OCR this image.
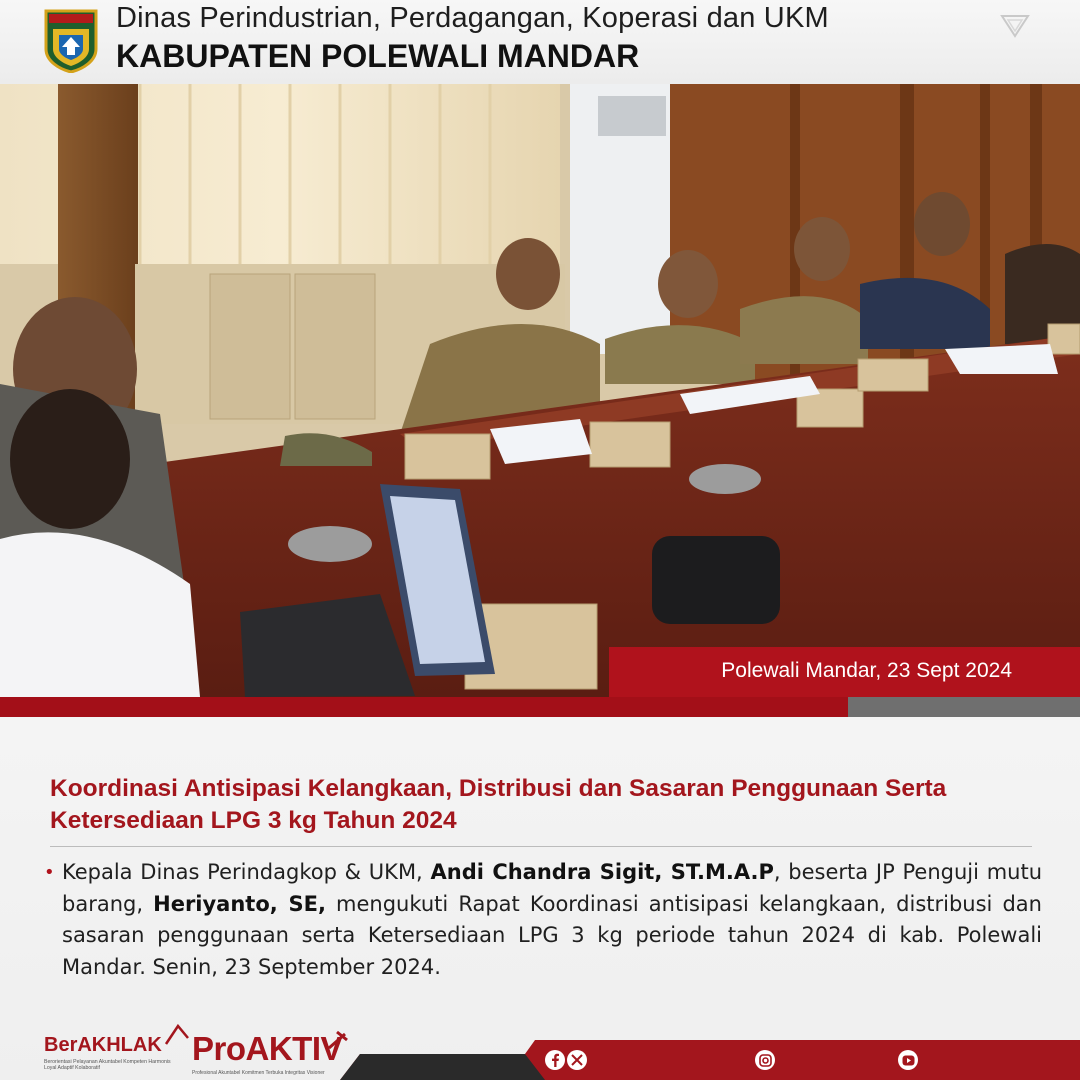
Dinas Perindustrian, Perdagangan, Koperasi dan UKM
KABUPATEN POLEWALI MANDAR
Polewali Mandar, 23 Sept 2024
Koordinasi Antisipasi Kelangkaan, Distribusi dan Sasaran Penggunaan Serta Ketersediaan LPG 3 kg Tahun 2024
• Kepala Dinas Perindagkop & UKM, Andi Chandra Sigit, ST.M.A.P, beserta JP Penguji mutu barang, Heriyanto, SE, mengukuti Rapat Koordinasi antisipasi kelangkaan, distribusi dan sasaran penggunaan serta Ketersediaan LPG 3 kg periode tahun 2024 di kab. Polewali Mandar. Senin, 23 September 2024.

BerAKHLAK
Berorientasi Pelayanan Akuntabel Kompeten Harmonis Loyal Adaptif Kolaboratif
ProAKTIV
Profesional Akuntabel Komitmen Terbuka Integritas Visioner
